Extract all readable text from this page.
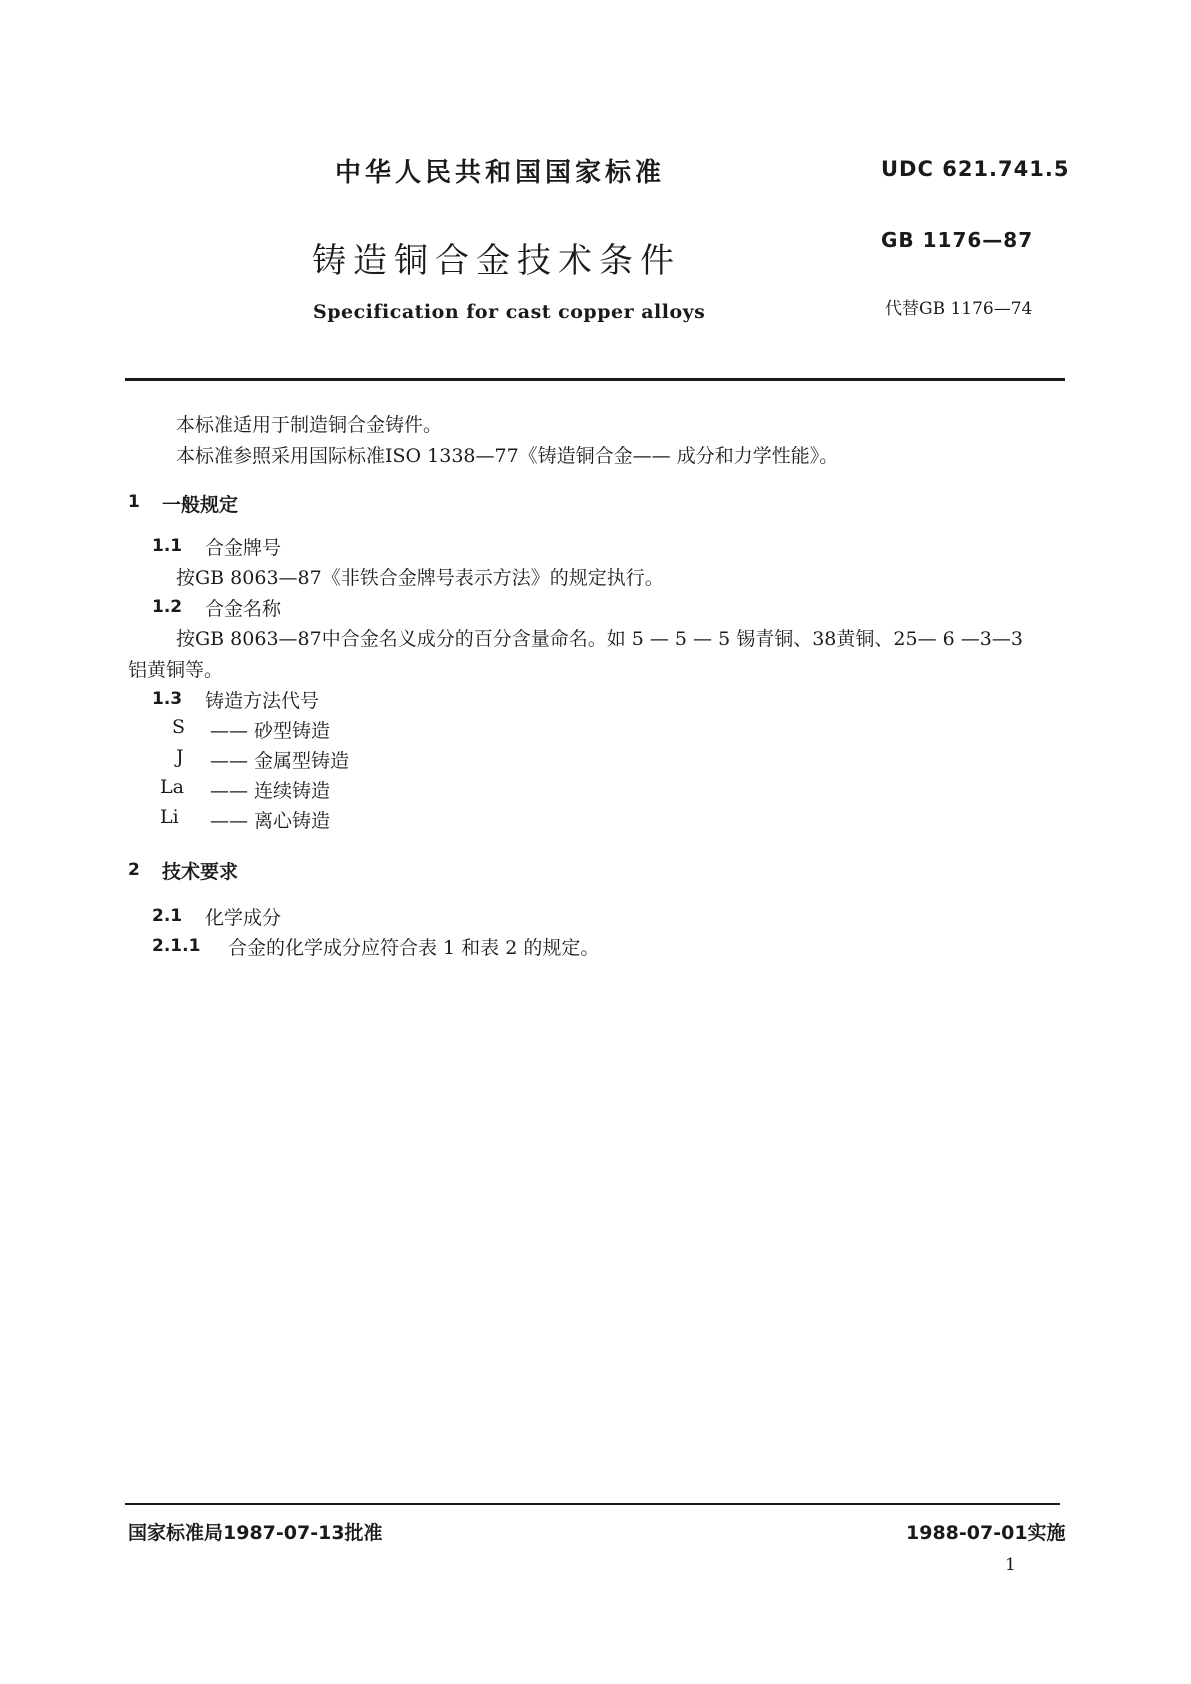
中华人民共和国国家标准
铸造铜合金技术条件
Specification for cast copper alloys
UDC 621.741.5
GB 1176—87
代替GB 1176—74
本标准适用于制造铜合金铸件。
本标准参照采用国际标准ISO 1338—77《铸造铜合金—— 成分和力学性能》。
1 一般规定
1.1 合金牌号
按GB 8063—87《非铁合金牌号表示方法》的规定执行。
1.2 合金名称
按GB 8063—87中合金名义成分的百分含量命名。如 5 — 5 — 5 锡青铜、38黄铜、25— 6 —3—3
铝黄铜等。
1.3 铸造方法代号
S —— 砂型铸造
J —— 金属型铸造
La —— 连续铸造
Li —— 离心铸造
2 技术要求
2.1 化学成分
2.1.1 合金的化学成分应符合表 1 和表 2 的规定。
国家标准局1987-07-13批准	1988-07-01实施
1
